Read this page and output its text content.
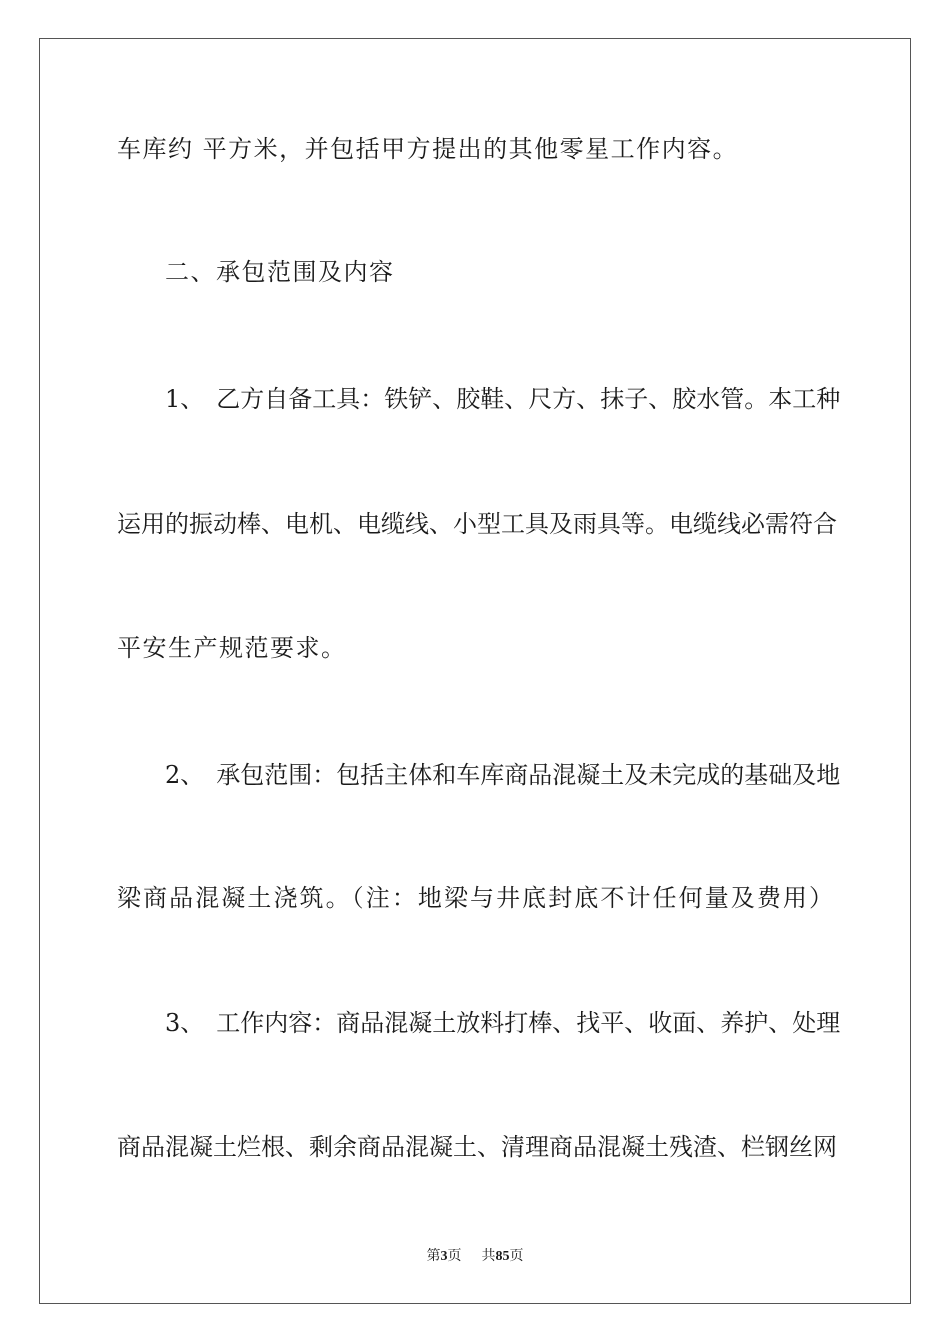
车库约 平方米，并包括甲方提出的其他零星工作内容。
二、承包范围及内容
1、　乙方自备工具：铁铲、胶鞋、尺方、抹子、胶水管。本工种
运用的振动棒、电机、电缆线、小型工具及雨具等。电缆线必需符合
平安生产规范要求。
2、　承包范围：包括主体和车库商品混凝土及未完成的基础及地
梁商品混凝土浇筑。（注：地梁与井底封底不计任何量及费用）
3、　工作内容：商品混凝土放料打棒、找平、收面、养护、处理
商品混凝土烂根、剩余商品混凝土、清理商品混凝土残渣、栏钢丝网
第3页 共85页
